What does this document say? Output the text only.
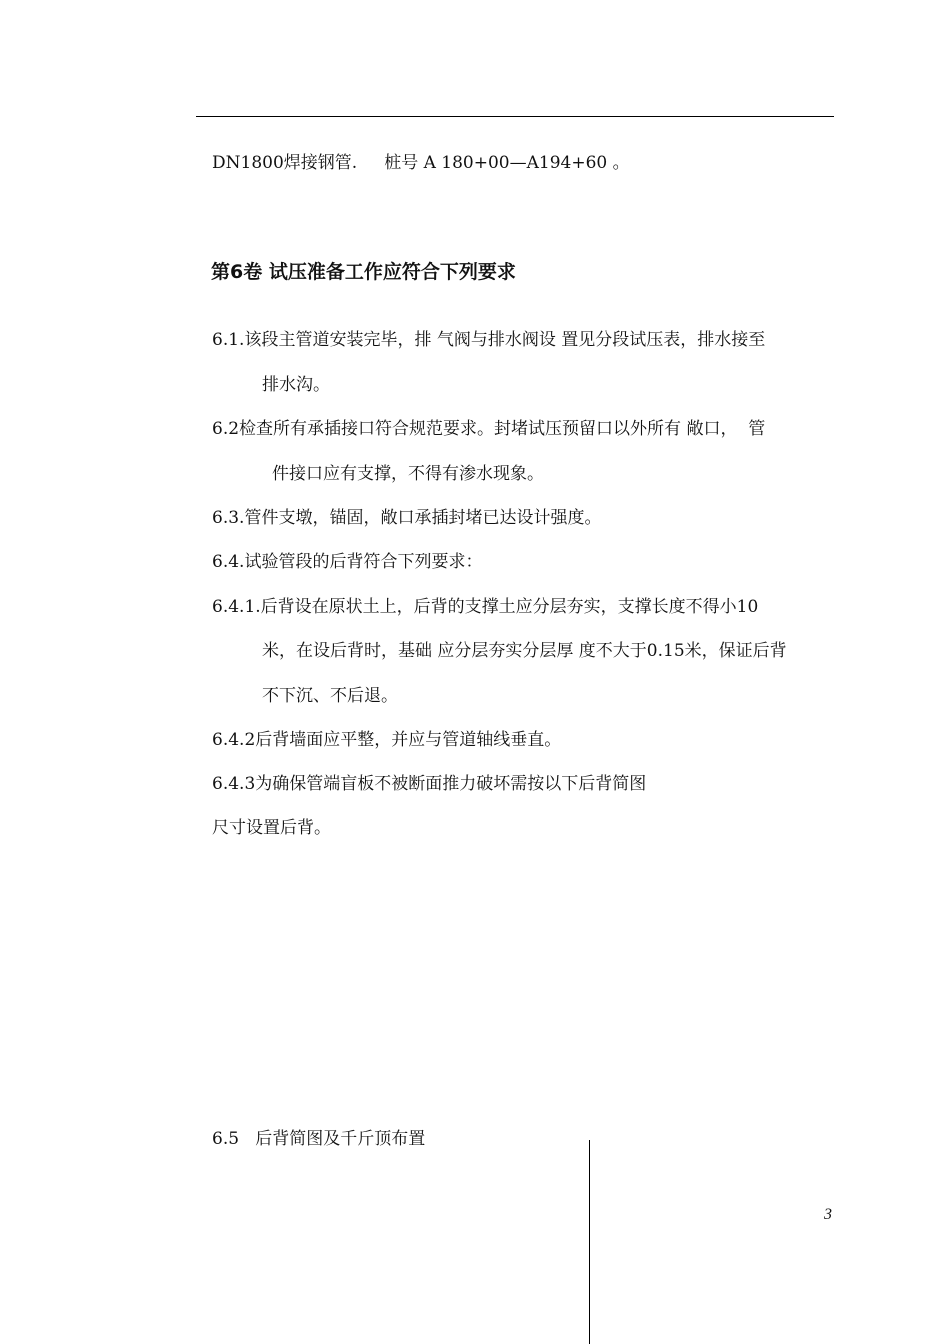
DN1800焊接钢管.     桩号 A 180+00—A194+60 。
第6卷 试压准备工作应符合下列要求
6.1.该段主管道安装完毕，排 气阀与排水阀设 置见分段试压表，排水接至
排水沟。
6.2检查所有承插接口符合规范要求。封堵试压预留口以外所有 敞口，  管
件接口应有支撑，不得有渗水现象。
6.3.管件支墩，锚固，敞口承插封堵已达设计强度。
6.4.试验管段的后背符合下列要求：
6.4.1.后背设在原状土上，后背的支撑土应分层夯实，支撑长度不得小10
米，在设后背时，基础 应分层夯实分层厚 度不大于0.15米，保证后背
不下沉、不后退。
6.4.2后背墙面应平整，并应与管道轴线垂直。
6.4.3为确保管端盲板不被断面推力破坏需按以下后背简图
尺寸设置后背。
6.5   后背简图及千斤顶布置
3
